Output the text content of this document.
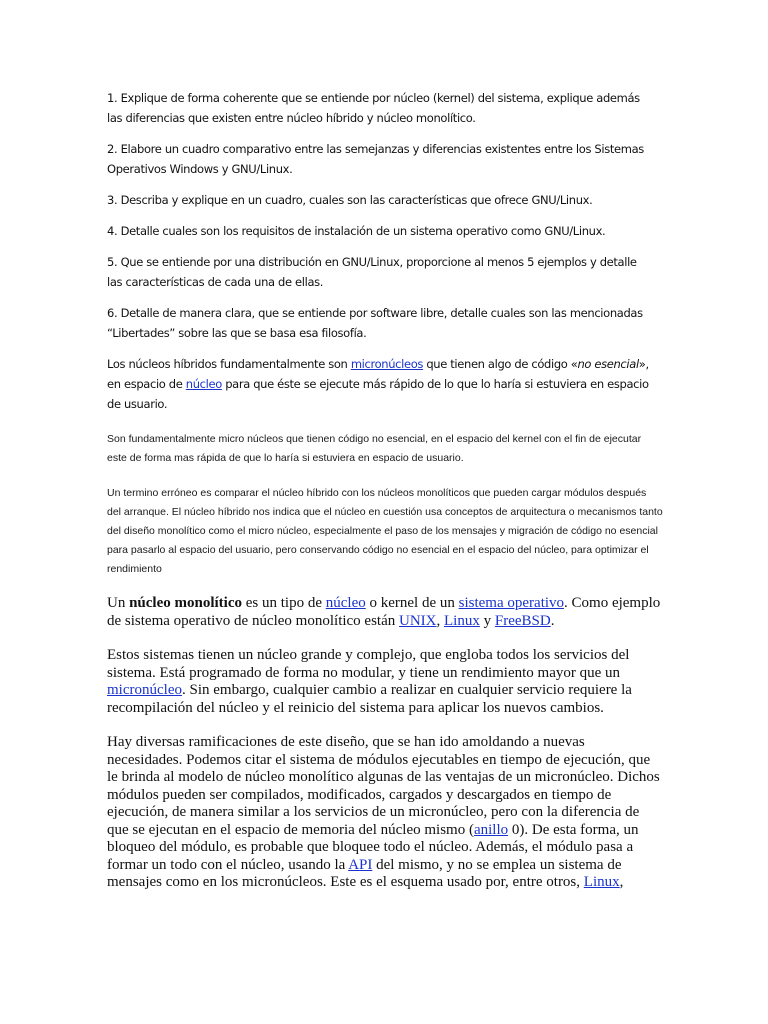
1. Explique de forma coherente que se entiende por núcleo (kernel) del sistema, explique además
las diferencias que existen entre núcleo híbrido y núcleo monolítico.

2. Elabore un cuadro comparativo entre las semejanzas y diferencias existentes entre los Sistemas
Operativos Windows y GNU/Linux.

3. Describa y explique en un cuadro, cuales son las características que ofrece GNU/Linux.

4. Detalle cuales son los requisitos de instalación de un sistema operativo como GNU/Linux.

5. Que se entiende por una distribución en GNU/Linux, proporcione al menos 5 ejemplos y detalle
las características de cada una de ellas.

6. Detalle de manera clara, que se entiende por software libre, detalle cuales son las mencionadas
“Libertades” sobre las que se basa esa filosofía.

Los núcleos híbridos fundamentalmente son micronúcleos que tienen algo de código «no esencial», en espacio de núcleo para que éste se ejecute más rápido de lo que lo haría si estuviera en espacio de usuario.

Son fundamentalmente micro núcleos que tienen código no esencial, en el espacio del kernel con el fin de ejecutar este de forma mas rápida de que lo haría si estuviera en espacio de usuario.

Un termino erróneo es comparar el núcleo híbrido con los núcleos monolíticos que pueden cargar módulos después del arranque. El núcleo híbrido nos indica que el núcleo en cuestión usa conceptos de arquitectura o mecanismos tanto del diseño monolítico como el micro núcleo, especialmente el paso de los mensajes y migración de código no esencial para pasarlo al espacio del usuario, pero conservando código no esencial en el espacio del núcleo, para optimizar el rendimiento

Un núcleo monolítico es un tipo de núcleo o kernel de un sistema operativo. Como ejemplo de sistema operativo de núcleo monolítico están UNIX, Linux y FreeBSD.

Estos sistemas tienen un núcleo grande y complejo, que engloba todos los servicios del sistema. Está programado de forma no modular, y tiene un rendimiento mayor que un micronúcleo. Sin embargo, cualquier cambio a realizar en cualquier servicio requiere la recompilación del núcleo y el reinicio del sistema para aplicar los nuevos cambios.

Hay diversas ramificaciones de este diseño, que se han ido amoldando a nuevas necesidades. Podemos citar el sistema de módulos ejecutables en tiempo de ejecución, que le brinda al modelo de núcleo monolítico algunas de las ventajas de un micronúcleo. Dichos módulos pueden ser compilados, modificados, cargados y descargados en tiempo de ejecución, de manera similar a los servicios de un micronúcleo, pero con la diferencia de que se ejecutan en el espacio de memoria del núcleo mismo (anillo 0). De esta forma, un bloqueo del módulo, es probable que bloquee todo el núcleo. Además, el módulo pasa a formar un todo con el núcleo, usando la API del mismo, y no se emplea un sistema de mensajes como en los micronúcleos. Este es el esquema usado por, entre otros, Linux,
